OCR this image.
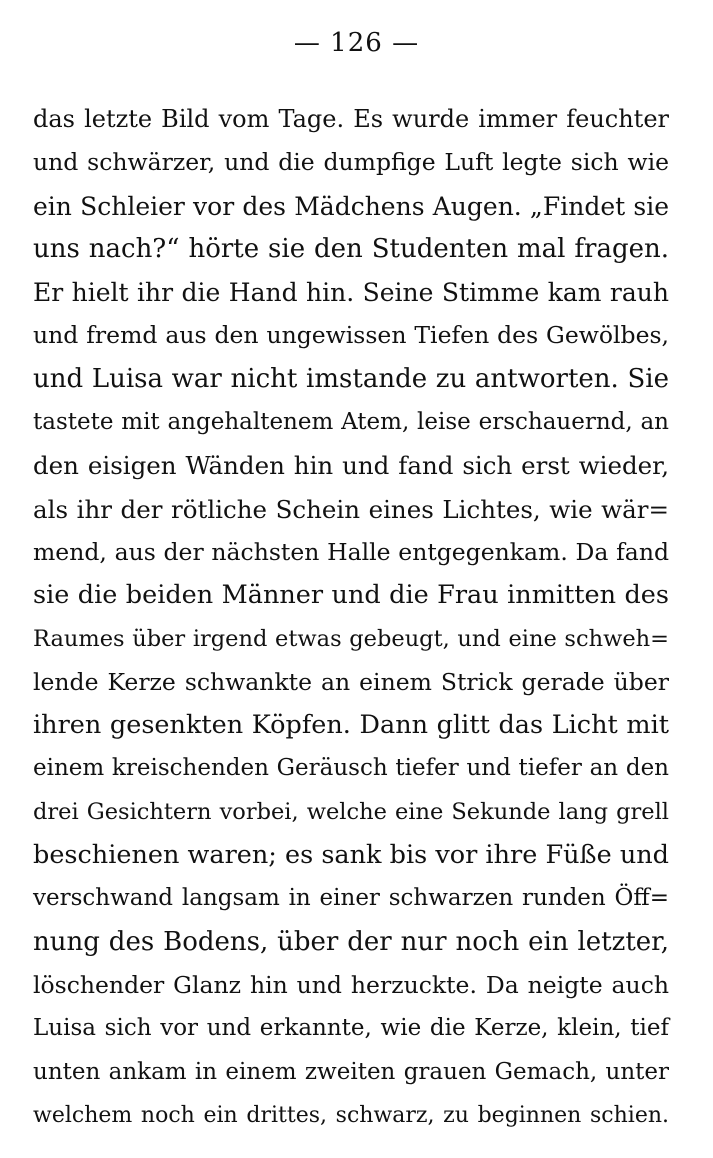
— 126 —
das letzte Bild vom Tage. Es wurde immer feuchter
und schwärzer, und die dumpfige Luft legte sich wie
ein Schleier vor des Mädchens Augen. „Findet sie
uns nach?“ hörte sie den Studenten mal fragen.
Er hielt ihr die Hand hin. Seine Stimme kam rauh
und fremd aus den ungewissen Tiefen des Gewölbes,
und Luisa war nicht imstande zu antworten. Sie
tastete mit angehaltenem Atem, leise erschauernd, an
den eisigen Wänden hin und fand sich erst wieder,
als ihr der rötliche Schein eines Lichtes, wie wär=
mend, aus der nächsten Halle entgegenkam. Da fand
sie die beiden Männer und die Frau inmitten des
Raumes über irgend etwas gebeugt, und eine schweh=
lende Kerze schwankte an einem Strick gerade über
ihren gesenkten Köpfen. Dann glitt das Licht mit
einem kreischenden Geräusch tiefer und tiefer an den
drei Gesichtern vorbei, welche eine Sekunde lang grell
beschienen waren; es sank bis vor ihre Füße und
verschwand langsam in einer schwarzen runden Öff=
nung des Bodens, über der nur noch ein letzter,
löschender Glanz hin und herzuckte. Da neigte auch
Luisa sich vor und erkannte, wie die Kerze, klein, tief
unten ankam in einem zweiten grauen Gemach, unter
welchem noch ein drittes, schwarz, zu beginnen schien.
